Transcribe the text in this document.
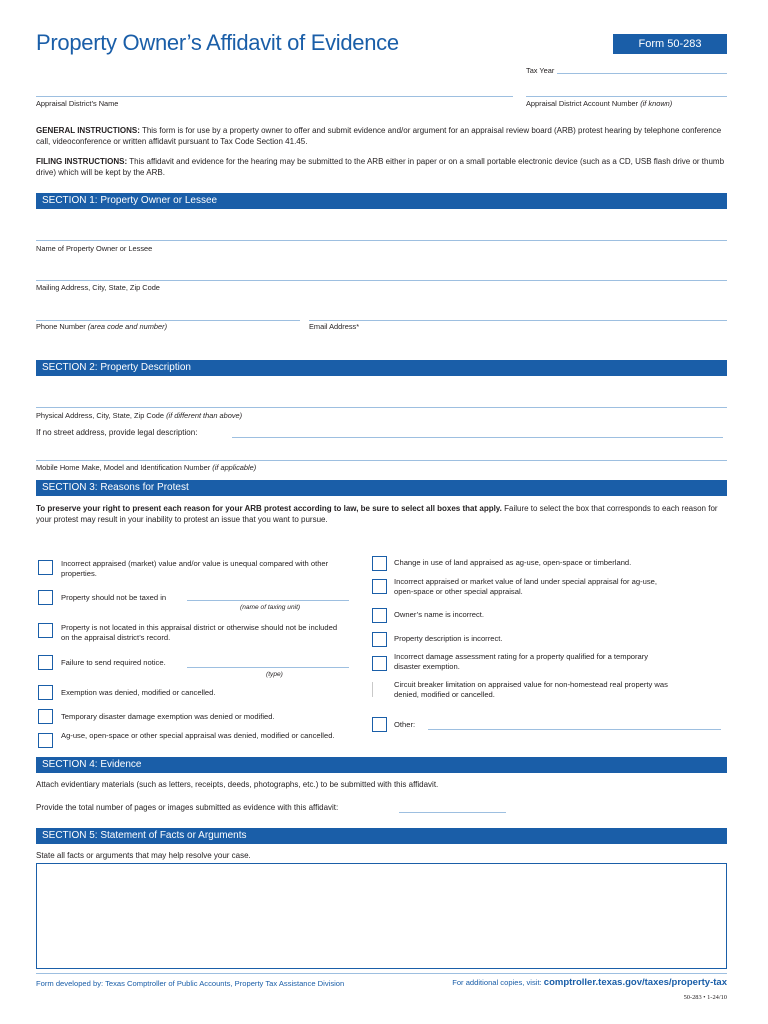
Property Owner’s Affidavit of Evidence	Form 50-283
Tax Year
Appraisal District’s Name	Appraisal District Account Number (if known)
GENERAL INSTRUCTIONS: This form is for use by a property owner to offer and submit evidence and/or argument for an appraisal review board (ARB) protest hearing by telephone conference call, videoconference or written affidavit pursuant to Tax Code Section 41.45.
FILING INSTRUCTIONS: This affidavit and evidence for the hearing may be submitted to the ARB either in paper or on a small portable electronic device (such as a CD, USB flash drive or thumb drive) which will be kept by the ARB.
SECTION 1: Property Owner or Lessee
Name of Property Owner or Lessee
Mailing Address, City, State, Zip Code
Phone Number (area code and number)	Email Address*
SECTION 2: Property Description
Physical Address, City, State, Zip Code (if different than above)
If no street address, provide legal description:
Mobile Home Make, Model and Identification Number (if applicable)
SECTION 3: Reasons for Protest
To preserve your right to present each reason for your ARB protest according to law, be sure to select all boxes that apply. Failure to select the box that corresponds to each reason for your protest may result in your inability to protest an issue that you want to pursue.
Incorrect appraised (market) value and/or value is unequal compared with other properties.
Property should not be taxed in
(name of taxing unit)
Property is not located in this appraisal district or otherwise should not be included on the appraisal district’s record.
Failure to send required notice.
(type)
Exemption was denied, modified or cancelled.
Temporary disaster damage exemption was denied or modified.
Ag-use, open-space or other special appraisal was denied, modified or cancelled.
Change in use of land appraised as ag-use, open-space or timberland.
Incorrect appraised or market value of land under special appraisal for ag-use, open-space or other special appraisal.
Owner’s name is incorrect.
Property description is incorrect.
Incorrect damage assessment rating for a property qualified for a temporary disaster exemption.
Circuit breaker limitation on appraised value for non-homestead real property was denied, modified or cancelled.
Other:
SECTION 4: Evidence
Attach evidentiary materials (such as letters, receipts, deeds, photographs, etc.) to be submitted with this affidavit.
Provide the total number of pages or images submitted as evidence with this affidavit:
SECTION 5: Statement of Facts or Arguments
State all facts or arguments that may help resolve your case.
Form developed by: Texas Comptroller of Public Accounts, Property Tax Assistance Division	For additional copies, visit: comptroller.texas.gov/taxes/property-tax
50-283 • 1-24/10
